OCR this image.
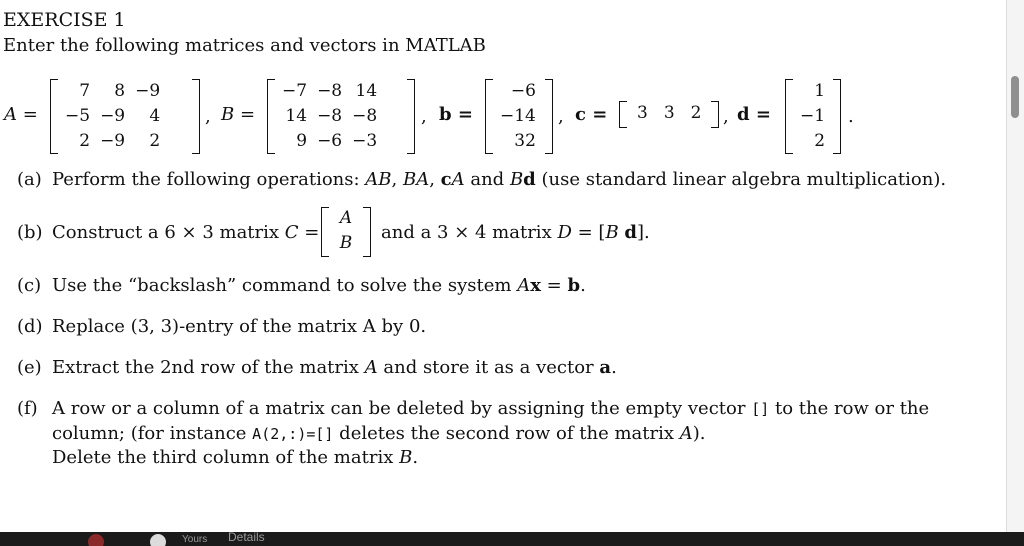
EXERCISE 1
Enter the following matrices and vectors in MATLAB
A =
7	8	−9
−5	−9	4
2	−9	2
, B =
−7	−8	14
14	−8	−8
9	−6	−3
, b =
−6
−14
32
, c = 3	3	2 , d =
1
−1
2
.
(a) Perform the following operations: AB, BA, cA and Bd (use standard linear algebra multiplication).
(b) Construct a 6 × 3 matrix C =
A
B and a 3 × 4 matrix D = [B d].
(c) Use the “backslash” command to solve the system Ax = b.
(d) Replace (3, 3)-entry of the matrix A by 0.
(e) Extract the 2nd row of the matrix A and store it as a vector a.
(f) A row or a column of a matrix can be deleted by assigning the empty vector [] to the row or the
column; (for instance A(2,:)=[] deletes the second row of the matrix A).
Delete the third column of the matrix B.
Yours Details
